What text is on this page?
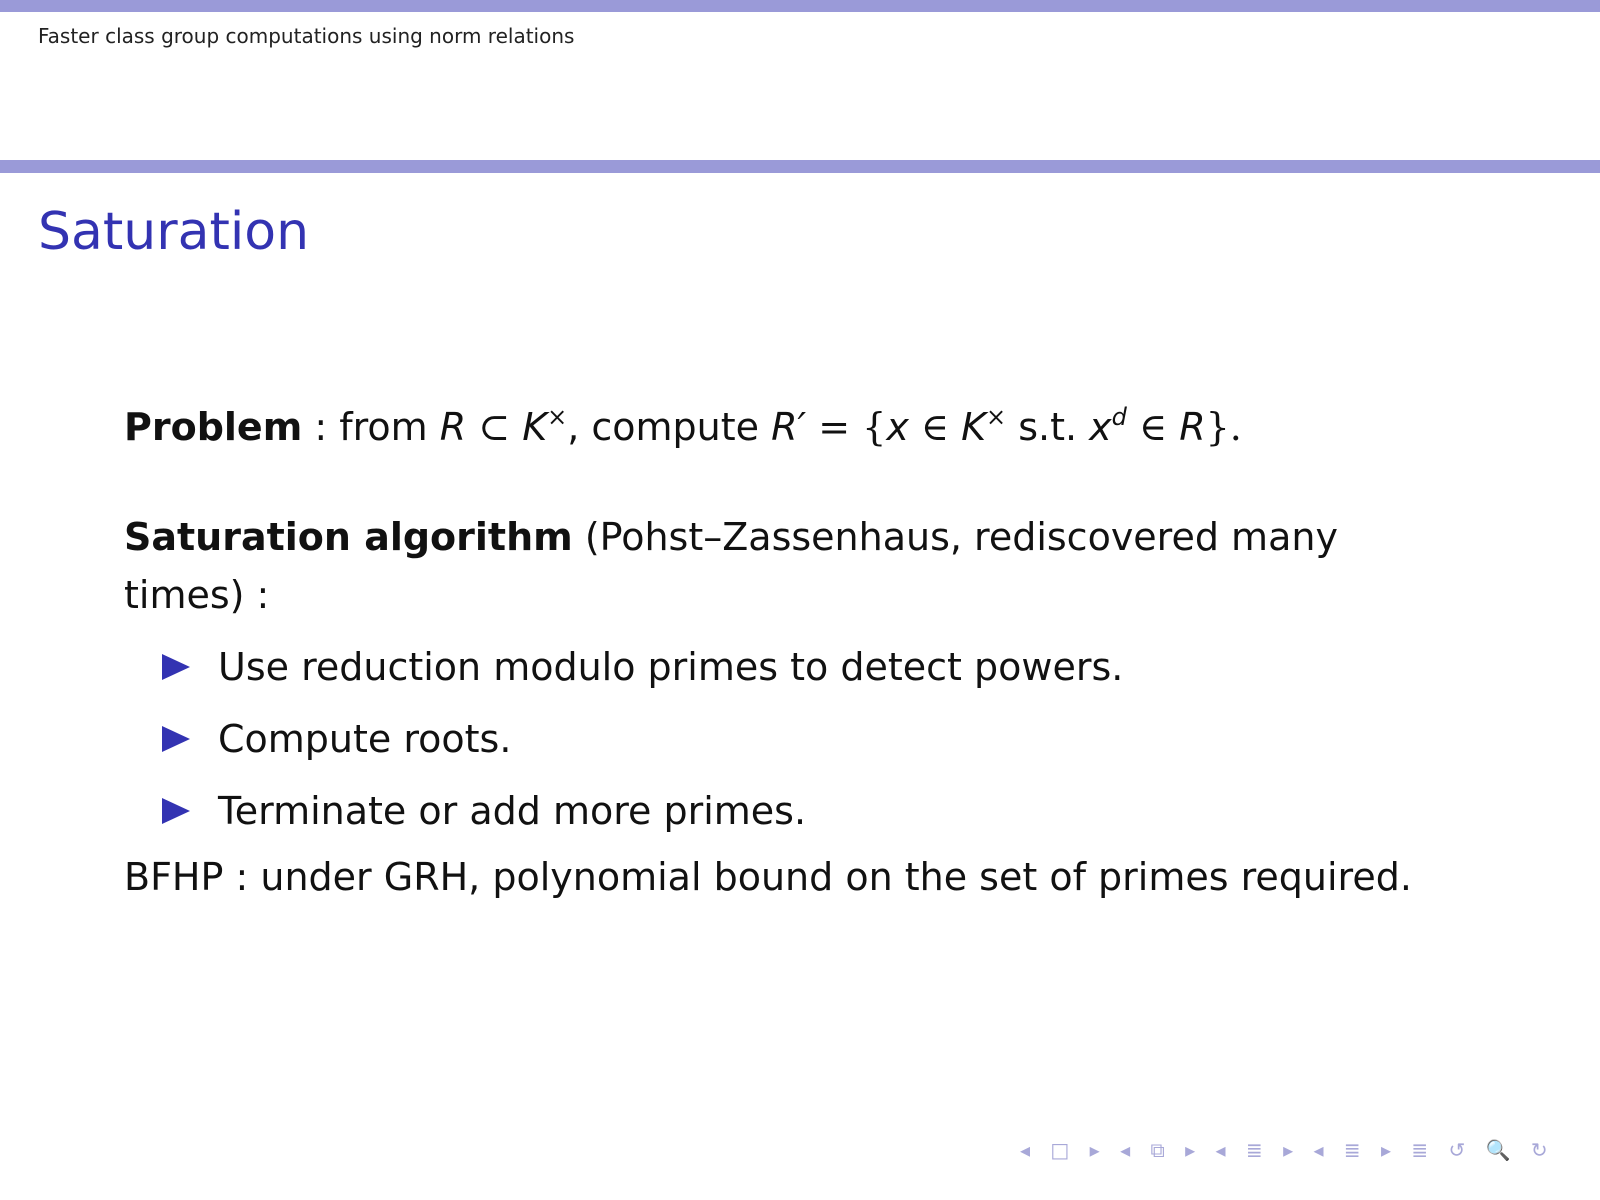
Faster class group computations using norm relations
Saturation

Problem : from R ⊂ K×, compute R′ = {x ∈ K× s.t. $x^d$ ∈ R}.

Saturation algorithm (Pohst–Zassenhaus, rediscovered many times) :

Use reduction modulo primes to detect powers.
Compute roots.
Terminate or add more primes.

BFHP : under GRH, polynomial bound on the set of primes required.

◂ □ ▸ ◂ ⧉ ▸ ◂ ≣ ▸ ◂ ≣ ▸ ≣ ↺ 🔍 ↻
